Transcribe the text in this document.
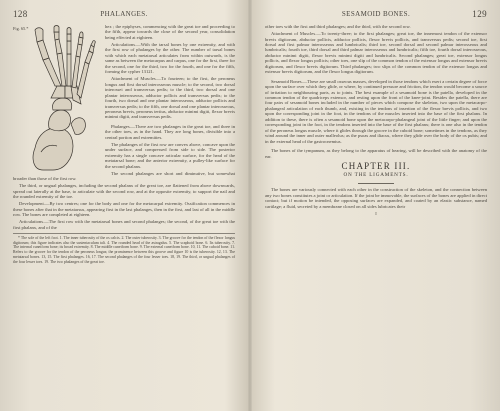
128	PHALANGES.
Fig. 65.*	hex ; the epiphyses, commencing with the great toe and proceeding to the fifth, appear towards the close of the second year, consolidation being effected at eighteen.

Articulations.—With the tarsal bones by one extremity, and with the first row of phalanges by the other. The number of tarsal bones with which each metatarsal articulates from within outwards, is the same as between the metacarpus and carpus, one for the first, three for the second, one for the third, two for the fourth, and one for the fifth, forming the cypher 13121.

Attachment of Muscles.—To fourteen; to the first, the peroneus longus and first dorsal interosseous muscle; to the second, two dorsal interossei and transversus pedis; to the third, two dorsal and one plantar interosseous, adductor pollicis and transversus pedis; to the fourth, two dorsal and one plantar interosseous, adductor pollicis and transversus pedis; to the fifth, one dorsal and one plantar interosseous, peroneus brevis, peroneus tertius, abductor minimi digiti, flexor brevis minimi digiti, and transversus pedis.

Phalanges.—There are two phalanges in the great toe, and three in the other toes, as in the hand. They are long bones, divisible into a central portion and extremities.

The phalanges of the first row are convex above, concave upon the under surface, and compressed from side to side. The posterior extremity has a single concave articular surface, for the head of the metatarsal bone; and the anterior extremity, a pulley-like surface for the second phalanx.

The second phalanges are short and diminutive, but somewhat broader than those of the first row.

The third, or ungual phalanges, including the second phalanx of the great toe, are flattened from above downwards, spread out laterally at the base, to articulate with the second row, and at the opposite extremity, to support the nail and the rounded extremity of the toe.

Development.—By two centres; one for the body and one for the metacarpal extremity. Ossification commences in these bones after that in the metatarsus, appearing first in the last phalanges, then in the first, and last of all in the middle row. The bones are completed at eighteen.

Articulations.—The first row with the metatarsal bones and second phalanges; the second, of the great toe with the first phalanx, and of the

* The sole of the left foot. 1. The inner tuberosity of the os calcis. 2. The outer tuberosity. 3. The groove for the tendon of the flexor longus digitorum; this figure indicates also the sustentaculum tali. 4. The rounded head of the astragalus. 5. The scaphoid bone. 6. Its tuberosity. 7. The internal cuneiform bone; its broad extremity. 8. The middle cuneiform bone. 9. The external cuneiform bone. 10, 11. The cuboid bone. 11. Refers to the groove for the tendon of the peroneus longus; the prominence between this groove and figure 10 is the tuberosity. 12, 13. The metatarsal bones. 13, 15. The first phalanges. 16, 17. The second phalanges of the four lesser toes. 18, 19. The third, or ungual phalanges of the four lesser toes. 19. The two phalanges of the great toe.

SESAMOID BONES.	129

other toes with the first and third phalanges; and the third, with the second row.

Attachment of Muscles.—To twenty-three; to the first phalanges; great toe, the innermost tendon of the extensor brevis digitorum, abductor pollicis, adductor pollicis, flexor brevis pollicis, and transversus pedis; second toe, first dorsal and first palmar interosseous and lumbricalis; third toe, second dorsal and second palmar interosseous and lumbricalis; fourth toe, third dorsal and third palmar interosseous and lumbricalis; fifth toe, fourth dorsal interosseous, abductor minimi digiti, flexor brevis minimi digiti and lumbricalis. Second phalanges; great toe, extensor longus pollicis, and flexor longus pollicis; other toes, one slip of the common tendon of the extensor longus and extensor brevis digitorum, and flexor brevis digitorum. Third phalanges; two slips of the common tendon of the extensor longus and extensor brevis digitorum, and the flexor longus digitorum.

Sesamoid Bones.—These are small osseous masses, developed in those tendons which exert a certain degree of force upon the surface over which they glide, or where, by continued pressure and friction, the tendon would become a source of irritation to neighbouring parts, as to joints. The best example of a sesamoid bone is the patella, developed in the common tendon of the quadriceps extensor, and resting upon the front of the knee-joint. Besides the patella, there are four pairs of sesamoid bones included in the number of pieces which compose the skeleton, two upon the metacarpo-phalangeal articulation of each thumb, and, existing in the tendons of insertion of the flexor brevis pollicis, and two upon the corresponding joint in the foot, in the tendons of the muscles inserted into the base of the first phalanx. In addition to these, there is often a sesamoid bone upon the metacarpo-phalangeal joint of the little finger; and upon the corresponding joint in the foot, in the tendons inserted into the base of the first phalanx; there is one also in the tendon of the peroneus longus muscle, where it glides through the groove in the cuboid bone; sometimes in the tendons, as they wind around the inner and outer malleolus; as the psoas and iliacus, where they glide over the body of the os pubis; and in the external head of the gastrocnemius.

The bones of the tympanum, as they belong to the apparatus of hearing, will be described with the anatomy of the ear.

CHAPTER III.
ON THE LIGAMENTS.

The bones are variously connected with each other in the construction of the skeleton, and the connection between any two bones constitutes a joint or articulation. If the joint be immovable, the surfaces of the bones are applied in direct contact; but if motion be intended, the opposing surfaces are expanded, and coated by an elastic substance, named cartilage; a fluid, secreted by a membrane closed on all sides lubricates their

I
